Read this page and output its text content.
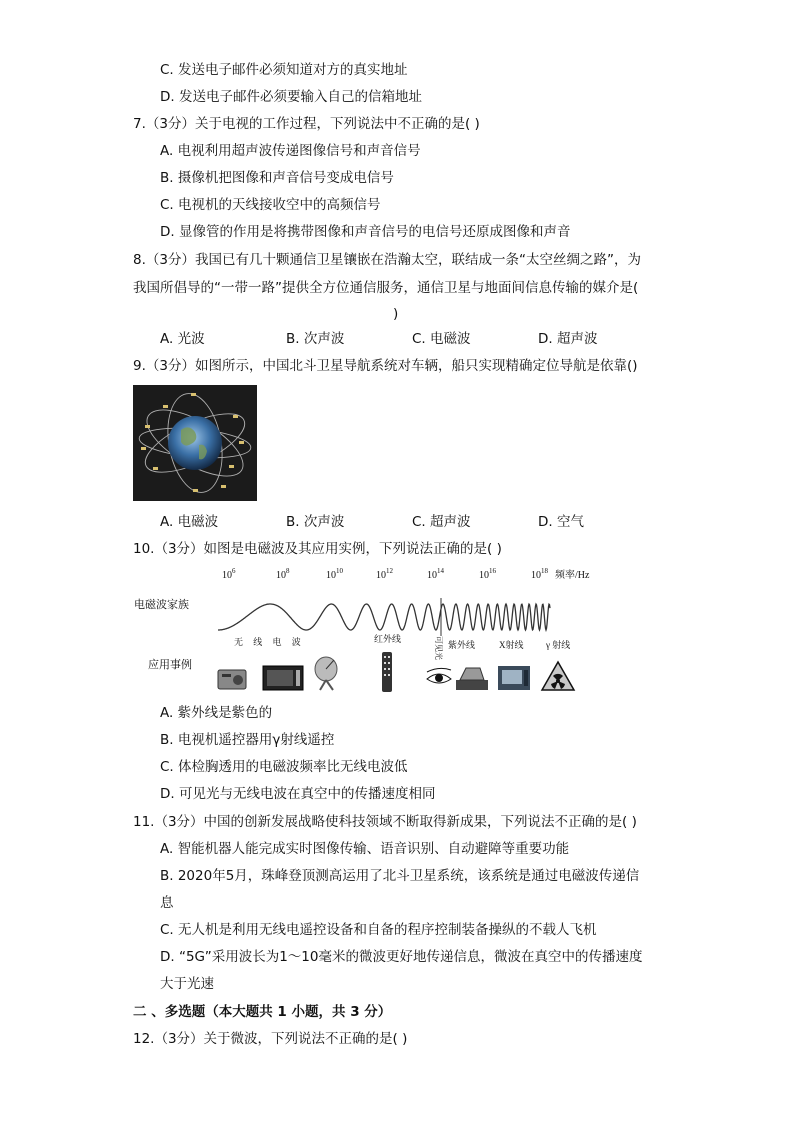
C. 发送电子邮件必须知道对方的真实地址
D. 发送电子邮件必须要输入自己的信箱地址
7.（3分）关于电视的工作过程，下列说法中不正确的是( )
A. 电视利用超声波传递图像信号和声音信号
B. 摄像机把图像和声音信号变成电信号
C. 电视机的天线接收空中的高频信号
D. 显像管的作用是将携带图像和声音信号的电信号还原成图像和声音
8.（3分）我国已有几十颗通信卫星镶嵌在浩瀚太空，联结成一条“太空丝绸之路”，为
我国所倡导的“一带一路”提供全方位通信服务，通信卫星与地面间信息传输的媒介是(
)
A. 光波	B. 次声波	C. 电磁波	D. 超声波
9.（3分）如图所示，中国北斗卫星导航系统对车辆，船只实现精确定位导航是依靠()
A. 电磁波	B. 次声波	C. 超声波	D. 空气
10.（3分）如图是电磁波及其应用实例，下列说法正确的是( )
$10^6$	$10^8$	$10^{10}$	$10^{12}$	$10^{14}$	$10^{16}$	$10^{18}$ 频率/Hz
电磁波家族
无 线 电 波	红外线
紫外线	X射线	γ 射线
可见光
应用事例
A. 紫外线是紫色的
B. 电视机遥控器用γ射线遥控
C. 体检胸透用的电磁波频率比无线电波低
D. 可见光与无线电波在真空中的传播速度相同
11.（3分）中国的创新发展战略使科技领域不断取得新成果，下列说法不正确的是( )
A. 智能机器人能完成实时图像传输、语音识别、自动避障等重要功能
B. 2020年5月，珠峰登顶测高运用了北斗卫星系统，该系统是通过电磁波传递信
息
C. 无人机是利用无线电遥控设备和自备的程序控制装备操纵的不载人飞机
D. “5G”采用波长为1～10毫米的微波更好地传递信息，微波在真空中的传播速度
大于光速
二 、多选题（本大题共 1 小题，共 3 分）
12.（3分）关于微波，下列说法不正确的是( )
